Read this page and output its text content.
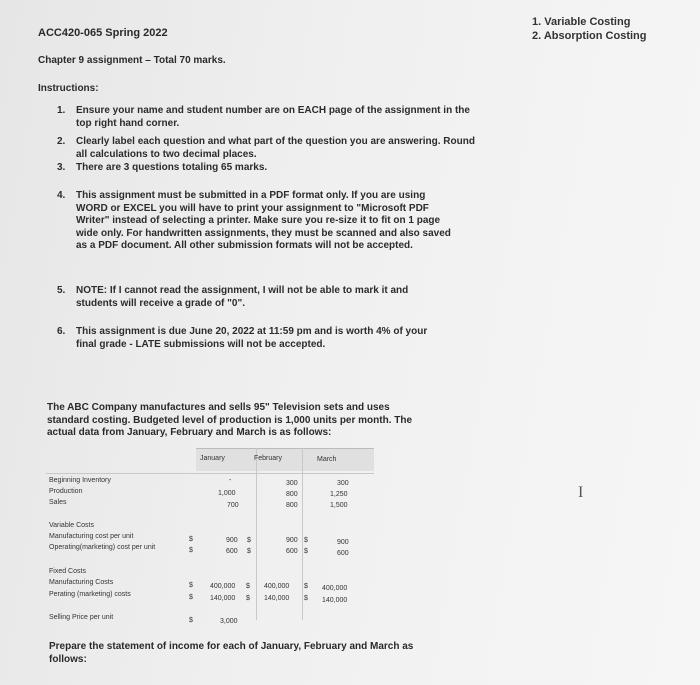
ACC420-065 Spring 2022
Chapter 9 assignment – Total 70 marks.
Instructions:
1. Variable Costing
2. Absorption Costing
1. Ensure your name and student number are on EACH page of the assignment in the top right hand corner.
2. Clearly label each question and what part of the question you are answering. Round all calculations to two decimal places.
3. There are 3 questions totaling 65 marks.
4. This assignment must be submitted in a PDF format only. If you are using WORD or EXCEL you will have to print your assignment to "Microsoft PDF Writer" instead of selecting a printer. Make sure you re-size it to fit on 1 page wide only. For handwritten assignments, they must be scanned and also saved as a PDF document. All other submission formats will not be accepted.
5. NOTE: If I cannot read the assignment, I will not be able to mark it and students will receive a grade of "0".
6. This assignment is due June 20, 2022 at 11:59 pm and is worth 4% of your final grade - LATE submissions will not be accepted.
The ABC Company manufactures and sells 95" Television sets and uses standard costing. Budgeted level of production is 1,000 units per month. The actual data from January, February and March is as follows:
January	February	March
Beginning Inventory	-	300	300
Production	1,000	800	1,250
Sales	700	800	1,500
Variable Costs
Manufacturing cost per unit	$	900 $	900 $	900
Operating(marketing) cost per unit	$	600 $	600 $	600
Fixed Costs
Manufacturing Costs	$ 400,000 $ 400,000 $ 400,000
Perating (marketing) costs	$ 140,000 $ 140,000 $ 140,000
Selling Price per unit	$	3,000
Prepare the statement of income for each of January, February and March as follows:
I
